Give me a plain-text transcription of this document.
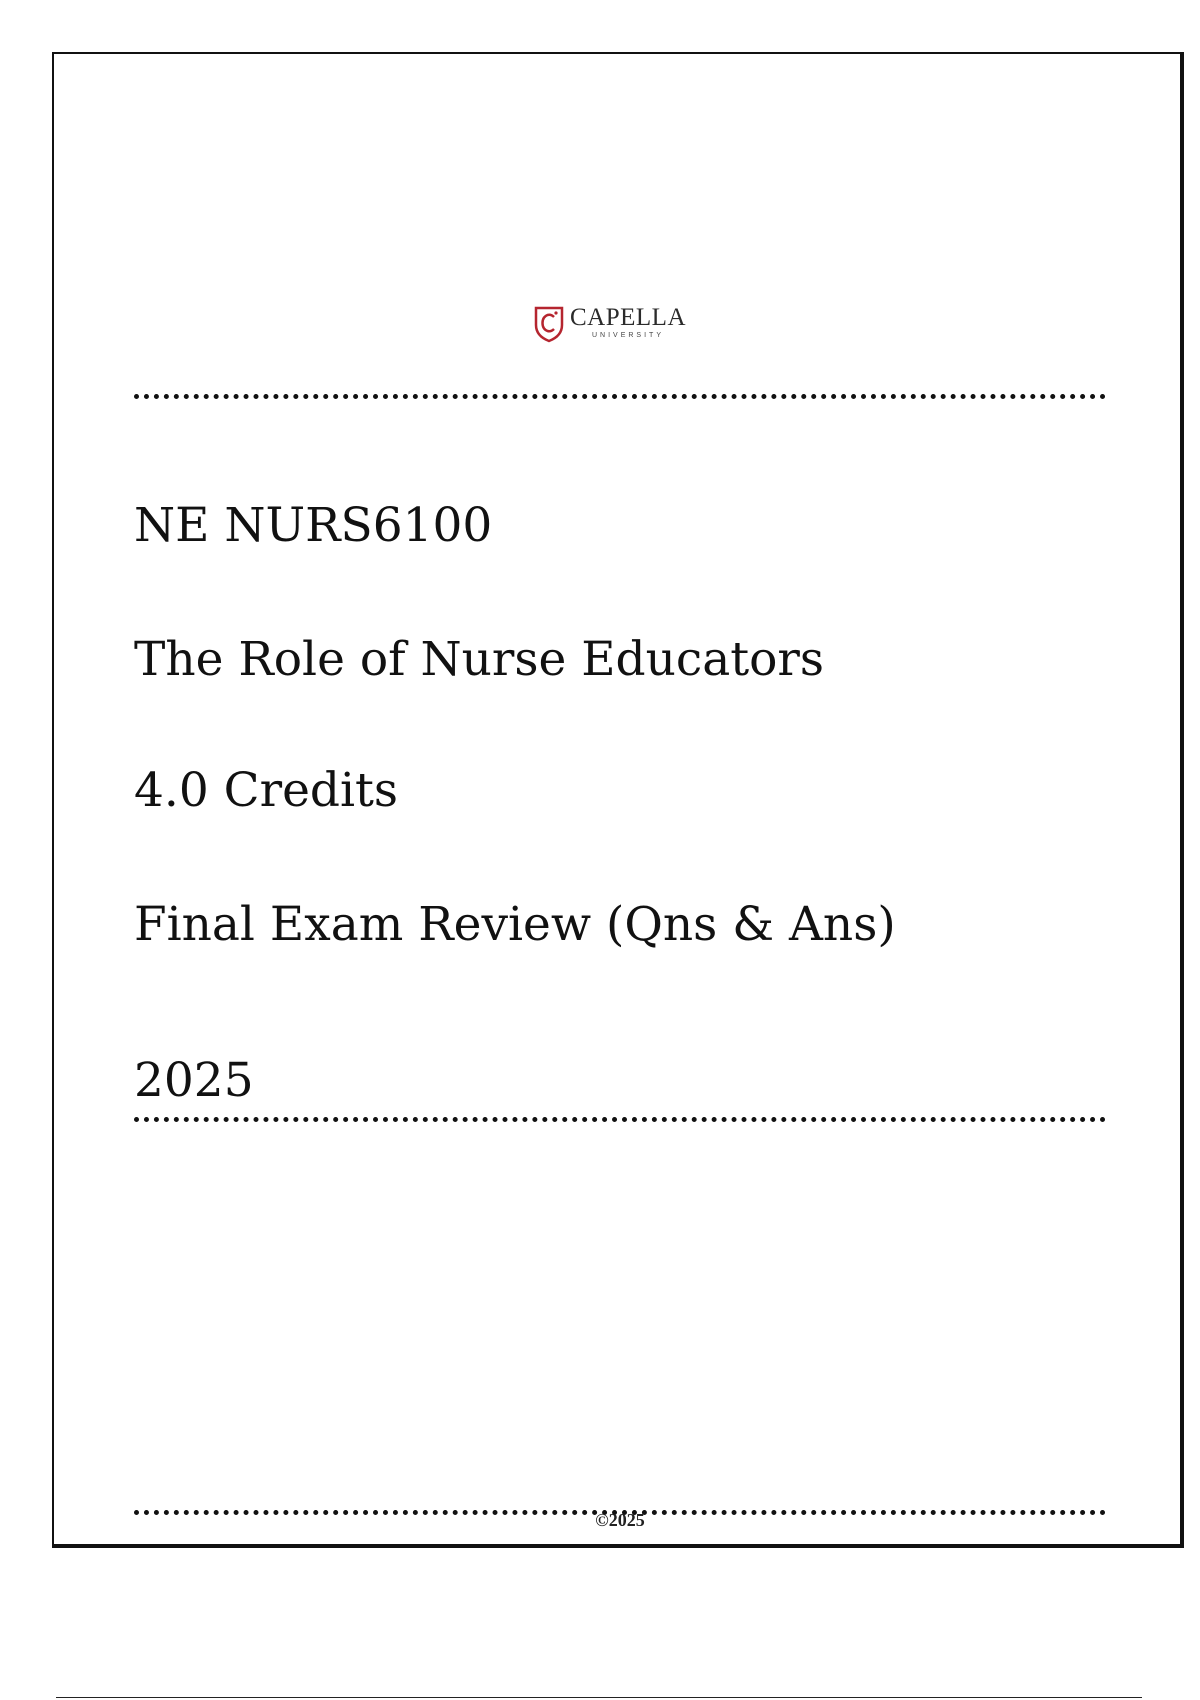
CAPELLA
UNIVERSITY
NE NURS6100
The Role of Nurse Educators
4.0 Credits
Final Exam Review (Qns & Ans)
2025
©2025
